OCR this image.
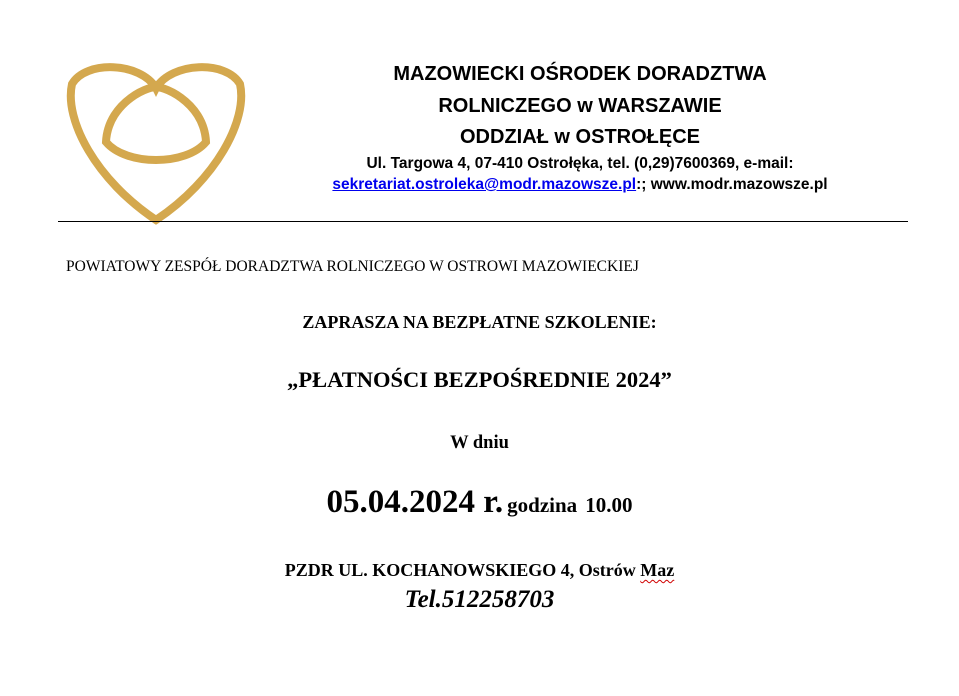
MAZOWIECKI OŚRODEK DORADZTWA
ROLNICZEGO w WARSZAWIE
ODDZIAŁ w OSTROŁĘCE
Ul. Targowa 4, 07-410 Ostrołęka, tel. (0,29)7600369, e-mail:
sekretariat.ostroleka@modr.mazowsze.pl:; www.modr.mazowsze.pl
POWIATOWY ZESPÓŁ DORADZTWA ROLNICZEGO W OSTROWI MAZOWIECKIEJ
ZAPRASZA NA BEZPŁATNE SZKOLENIE:
„PŁATNOŚCI BEZPOŚREDNIE 2024”
W dniu
05.04.2024 r. godzina 10.00
PZDR UL. KOCHANOWSKIEGO 4, Ostrów Maz
Tel.512258703
